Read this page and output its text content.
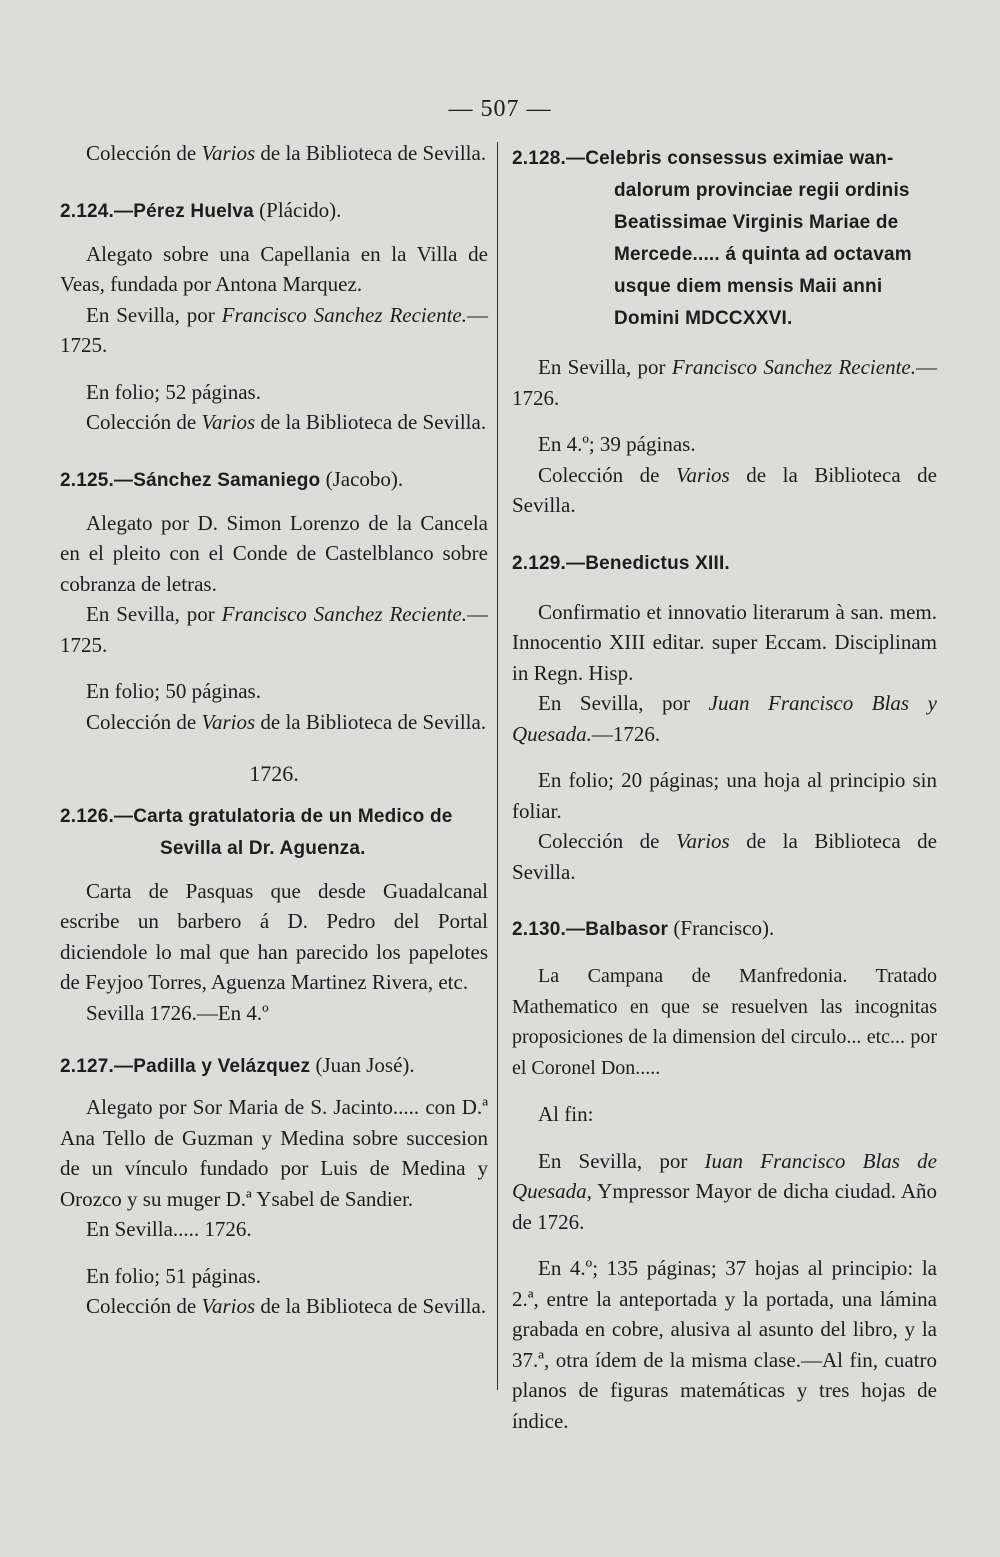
— 507 —

Colección de Varios de la Biblioteca de Sevilla.

2.124.—Pérez Huelva (Plácido).

Alegato sobre una Capellania en la Villa de Veas, fundada por Antona Marquez.

En Sevilla, por Francisco Sanchez Reciente.—1725.

En folio; 52 páginas.

Colección de Varios de la Biblioteca de Sevilla.

2.125.—Sánchez Samaniego (Jacobo).

Alegato por D. Simon Lorenzo de la Cancela en el pleito con el Conde de Castelblanco sobre cobranza de letras.

En Sevilla, por Francisco Sanchez Reciente.—1725.

En folio; 50 páginas.

Colección de Varios de la Biblioteca de Sevilla.

1726.

2.126.—Carta gratulatoria de un Medico de

Sevilla al Dr. Aguenza.

Carta de Pasquas que desde Guadalcanal escribe un barbero á D. Pedro del Portal diciendole lo mal que han parecido los papelotes de Feyjoo Torres, Aguenza Martinez Rivera, etc.

Sevilla 1726.—En 4.º

2.127.—Padilla y Velázquez (Juan José).

Alegato por Sor Maria de S. Jacinto..... con D.ª Ana Tello de Guzman y Medina sobre succesion de un vínculo fundado por Luis de Medina y Orozco y su muger D.ª Ysabel de Sandier.

En Sevilla..... 1726.

En folio; 51 páginas.

Colección de Varios de la Biblioteca de Sevilla.

2.128.—Celebris consessus eximiae wan-

dalorum provinciae regii ordinis Beatissimae Virginis Mariae de Mercede..... á quinta ad octavam usque diem mensis Maii anni Domini MDCCXXVI.

En Sevilla, por Francisco Sanchez Reciente.—1726.

En 4.º; 39 páginas.

Colección de Varios de la Biblioteca de Sevilla.

2.129.—Benedictus XIII.

Confirmatio et innovatio literarum à san. mem. Innocentio XIII editar. super Eccam. Disciplinam in Regn. Hisp.

En Sevilla, por Juan Francisco Blas y Quesada.—1726.

En folio; 20 páginas; una hoja al principio sin foliar.

Colección de Varios de la Biblioteca de Sevilla.

2.130.—Balbasor (Francisco).

La Campana de Manfredonia. Tratado Mathematico en que se resuelven las incognitas proposiciones de la dimension del circulo... etc... por el Coronel Don.....

Al fin:

En Sevilla, por Iuan Francisco Blas de Quesada, Ympressor Mayor de dicha ciudad. Año de 1726.

En 4.º; 135 páginas; 37 hojas al principio: la 2.ª, entre la anteportada y la portada, una lámina grabada en cobre, alusiva al asunto del libro, y la 37.ª, otra ídem de la misma clase.—Al fin, cuatro planos de figuras matemáticas y tres hojas de índice.
